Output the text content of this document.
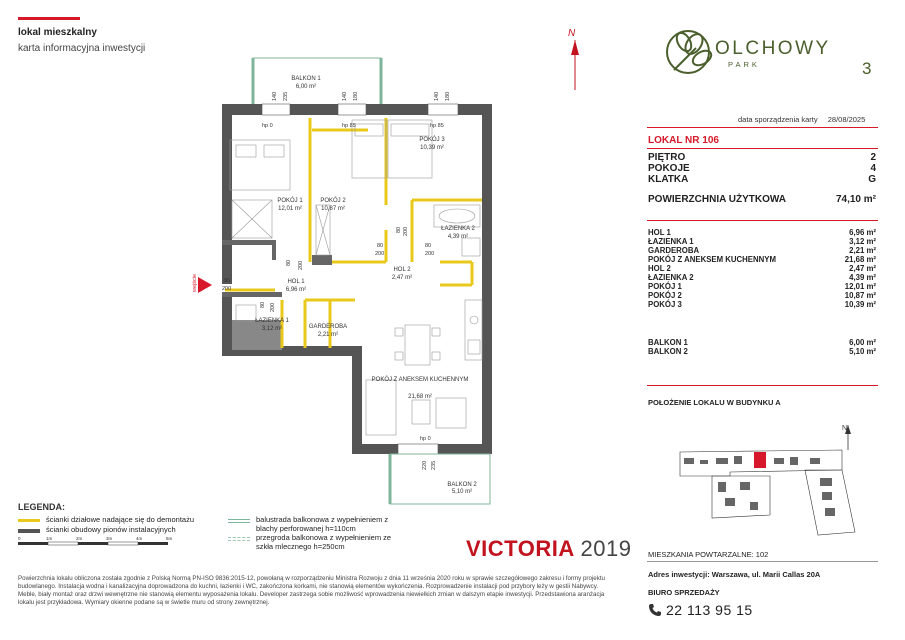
lokal mieszkalny
karta informacyjna inwestycji
N
BALKON 1
6,00 m²
wejście
POKÓJ 3
10,39 m²
POKÓJ 1
12,01 m²
POKÓJ 2
10,87 m²
ŁAZIENKA 2
4,39 m²
HOL 1
6,96 m²
HOL 2
2,47 m²
ŁAZIENKA 1
3,12 m²	GARDEROBA
2,21 m²
POKÓJ Z ANEKSEM KUCHENNYM
21,68 m²
BALKON 2
5,10 m²
140 235	140 180	140 180
hp 0	hp 85	hp 85
90
200
80 200
80
200
80 200
80
200
80 200
hp 0
220 235
LEGENDA:
ścianki działowe nadające się do demontażu
ścianki obudowy pionów instalacyjnych
balustrada balkonowa z wypełnieniem z blachy perforowanej h=110cm
przegroda balkonowa z wypełnieniem ze szkła mlecznego h=250cm
0	1m	2m	3m	4m	5m	VICTORIA 2019
Powierzchnia lokalu obliczona została zgodnie z Polską Normą PN-ISO 9836:2015-12, powołaną w rozporządzeniu Ministra Rozwoju z dnia 11 września 2020 roku w sprawie szczegółowego zakresu i formy projektu budowlanego. Instalacja wodna i kanalizacyjna doprowadzona do kuchni, łazienki i WC, zakończona korkami, nie stanowią elementów wykończenia. Rozprowadzenie instalacji pod przybory leży w gestii Nabywcy. Meble, biały montaż oraz drzwi wewnętrzne nie stanowią elementu wyposażenia lokalu. Developer zastrzega sobie możliwość wprowadzenia niewielkich zmian w dalszym etapie inwestycji. Przedstawiona aranżacja lokalu jest przykładowa. Wymiary okienne podane są w świetle muru od strony zewnętrznej.
OLCHOWY
PARK	3
data sporządzenia karty 28/08/2025
LOKAL NR 106
PIĘTRO	2
POKOJE	4
KLATKA	G
POWIERZCHNIA UŻYTKOWA	74,10 m²
HOL 1	6,96 m²
ŁAZIENKA 1	3,12 m²
GARDEROBA	2,21 m²
POKÓJ Z ANEKSEM KUCHENNYM	21,68 m²
HOL 2	2,47 m²
ŁAZIENKA 2	4,39 m²
POKÓJ 1	12,01 m²
POKÓJ 2	10,87 m²
POKÓJ 3	10,39 m²
BALKON 1	6,00 m²
BALKON 2	5,10 m²
POŁOŻENIE LOKALU W BUDYNKU A
N
MIESZKANIA POWTARZALNE: 102
Adres inwestycji: Warszawa, ul. Marii Callas 20A
BIURO SPRZEDAŻY
22 113 95 15
